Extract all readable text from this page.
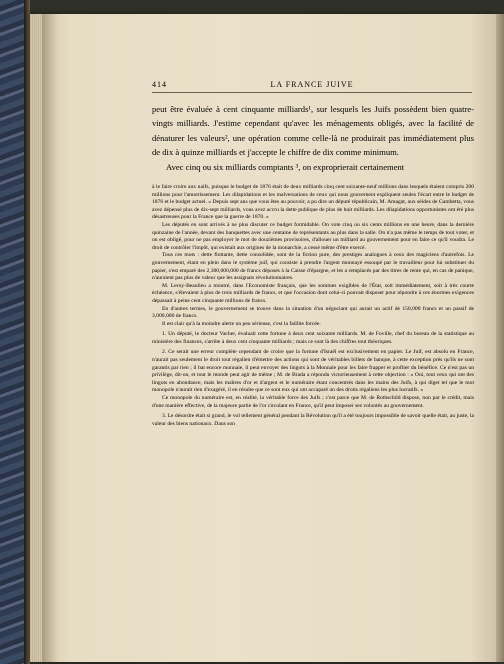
414	LA FRANCE JUIVE

peut être évaluée à cent cinquante milliards¹, sur lesquels les Juifs possèdent bien quatre-vingts milliards. J'estime cependant qu'avec les ménagements obligés, avec la facilité de dénaturer les valeurs², une opération comme celle-là ne produirait pas immédiatement plus de dix à quinze milliards et j'accepte le chiffre de dix comme minimum.

Avec cinq ou six milliards comptants ³, on exproprierait certainement

à le faire croire aux naïfs, puisque le budget de 1876 était de deux milliards cinq cent soixante-neuf millions dans lesquels étaient compris 200 millions pour l'amortissement. Les dilapidations et les malversations de ceux qui nous gouvernent expliquent seules l'écart entre le budget de 1876 et le budget actuel. « Depuis sept ans que vous êtes au pouvoir, a pu dire un député républicain, M. Amagat, aux séides de Gambetta, vous avez dépensé plus de dix-sept milliards, vous avez accru la dette publique de plus de huit milliards. Les dilapidations opportunistes ont été plus désastreuses pour la France que la guerre de 1870. »

Les députés en sont arrivés à ne plus discuter ce budget formidable. On vote cinq ou six cents millions en une heure, dans la dernière quinzaine de l'année, devant des banquettes avec une centaine de représentants au plus dans la salle. On n'a pas même le temps de tout voter, et on est obligé, pour ne pas employer le mot de douzièmes provisoires, d'allouer un milliard au gouvernement pour en faire ce qu'il voudra. Le droit de contrôler l'impôt, qui existait aux origines de la monarchie, a cessé même d'être exercé.

Tous ces mots : dette flottante, dette consolidée, sont de la fiction pure, des prestiges analogues à ceux des magiciens d'autrefois. Le gouvernement, étant en plein dans le système juif, qui consiste à prendre l'argent monnayé essoupé par le travailleur pour lui substituer du papier, s'est emparé des 2,300,000,000 de francs déposés à la Caisse d'épargne, et les a remplacés par des titres de rente qui, en cas de panique, n'auraient pas plus de valeur que les assignats révolutionnaires.

M. Leroy-Beaulieu a montré, dans l'Economiste français, que les sommes exigibles de l'État, soit immédiatement, soit à très courte échéance, s'élevaient à plus de trois milliards de francs, et que l'occasion dont celui-ci pouvait disposer pour répondre à ces énormes exigences dépassait à peine cent cinquante millions de francs.

En d'autres termes, le gouvernement se trouve dans la situation d'un négociant qui aurait un actif de 150,000 francs et un passif de 3,000,000 de francs.

Il est clair qu'à la moindre alerte un peu sérieuse, c'est la faillite forcée.

1. Un député, le docteur Vacher, évaluait cette fortune à deux cent soixante milliards. M. de Foville, chef du bureau de la statistique au ministère des finances, s'arrête à deux cent cinquante milliards ; mais ce sont là des chiffres tout théoriques.

2. Ce serait une erreur complète cependant de croire que la fortune d'Israël est exclusivement en papier. Le Juif, est absolu en France, n'aurait pas seulement le droit tout régalien d'émettre des actions qui sont de véritables billets de banque, à cette exception près qu'ils ne sont garantis par rien ; il bat encore monnaie, il peut envoyer des lingots à la Monnaie pour les faire frapper et profiter du bénéfice. Ce n'est pas un privilège, dit-on, et tout le monde peut agir de même ; M. de Brada a répondu victorieusement à cette objection : « Oui, tout ceux qui ont des lingots en abondance, mais les maîtres d'or et d'argent et le numéraire étant concentrés dans les mains des Juifs, à qui diget tel que le mot monopole n'aurait rien d'exagéré, il en résulte que ce sont eux qui ont accaparé un des droits régaliens les plus lucratifs. »

Ce monopole du numéraire est, en réalité, la véritable force des Juifs ; c'est parce que M. de Rothschild dispose, non par le crédit, mais d'une manière effective, de la majeure partie de l'or circulant en France, qu'il peut imposer ses volontés au gouvernement.

3. Le désordre était si grand, le vol tellement général pendant la Révolution qu'il a été toujours impossible de savoir quelle était, au juste, la valeur des biens nationaux. Dans son
